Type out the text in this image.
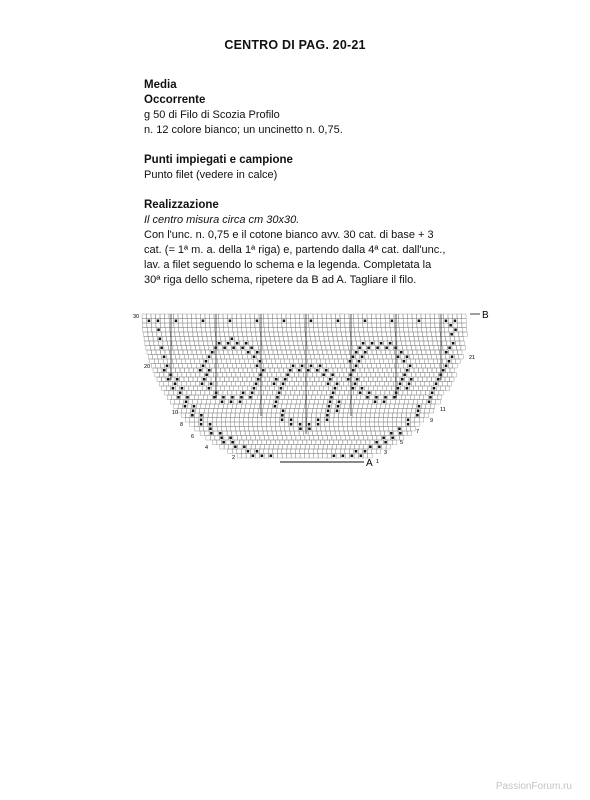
CENTRO DI PAG. 20-21
Media
Occorrente
g 50 di Filo di Scozia Profilo
n. 12 colore bianco; un uncinetto n. 0,75.
Punti impiegati e campione
Punto filet (vedere in calce)
Realizzazione
Il centro misura circa cm 30x30.
Con l'unc. n. 0,75 e il cotone bianco avv. 30 cat. di base + 3
cat. (= 1ª m. a. della 1ª riga) e, partendo dalla 4ª cat. dall'unc.,
lav. a filet seguendo lo schema e la legenda. Completata la
30ª riga dello schema, ripetere da B ad A. Tagliare il filo.
30
20
10
8
6
4
2
21
11
9
7
5
3
1
B
A
PassionForum.ru
